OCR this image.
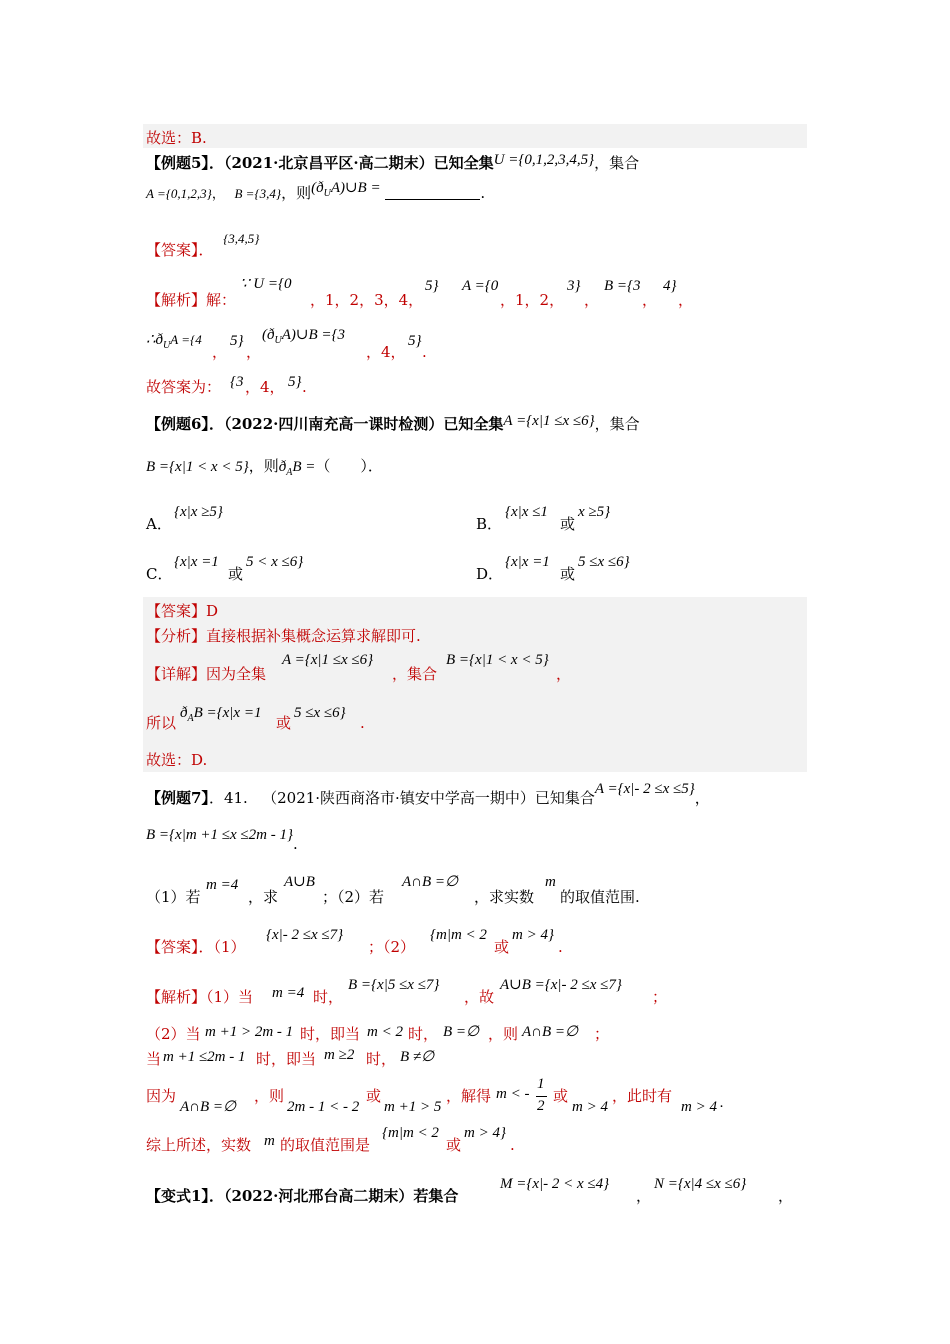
故选：B.
【例题5】．（2021·北京昌平区·高二期末）已知全集U ={0,1,2,3,4,5}，集合
A ={0,1,2,3}， B ={3,4}，则$(ð_UA)\cup B$ =	.
【答案】．  {3,4,5}
【解析】解：
∵ U ={0
，1，2，3，4，
5} A ={0
，1，2，
3}
，
B ={3
，
4}
，
$\therefore ð_UA =\{4$
，
5}
，
$(ð_UA)\cup B =\{3$
，4，
5}
.
故答案为： {3 ，4， 5} .
【例题6】．（2022·四川南充高一课时检测）已知全集A ={x|1 ≤x ≤6}，集合
B ={x|1 < x < 5}，则$ð_AB$ =（　　）．
A．
{x|x ≥5}
B．
{x|x ≤1
或
x ≥5}
C．
{x|x =1
或
5 < x ≤6}
D．
{x|x =1
或
5 ≤x ≤6}
【答案】D
【分析】直接根据补集概念运算求解即可.
【详解】因为全集
A ={x|1 ≤x ≤6}
，集合
B ={x|1 < x < 5}
，
所以
$ð_AB =\{x|x =1$
或
5 ≤x ≤6}
.
故选：D.
【例题7】．41. （2021·陕西商洛市·镇安中学高一期中）已知集合A ={x|- 2 ≤x ≤5}，
B ={x|m +1 ≤x ≤2m - 1}.
（1）若
m =4
，求
A∪B
；（2）若
A∩B =∅
，求实数
m
的取值范围.
【答案】．（1）
{x|- 2 ≤x ≤7}
；（2）
{m|m < 2
或
m > 4}
.
【解析】（1）当 m =4 时，
B ={x|5 ≤x ≤7}
，故
A∪B ={x|- 2 ≤x ≤7}
；
（2）当 m +1 > 2m - 1 时，即当 m < 2 时， B =∅ ，则 A∩B =∅ ；
当 m +1 ≤2m - 1 时，即当 m ≥2 时， B ≠∅
因为
A∩B =∅
，则
2m - 1 < - 2
或
m +1 > 5
，解得 m < -
1
2
或
m > 4
，此时有
m > 4 .
综上所述，实数 m 的取值范围是
{m|m < 2
或
m > 4}
.
【变式1】．（2022·河北邢台高二期末）若集合
M ={x|- 2 < x ≤4}
，
N ={x|4 ≤x ≤6}
，
